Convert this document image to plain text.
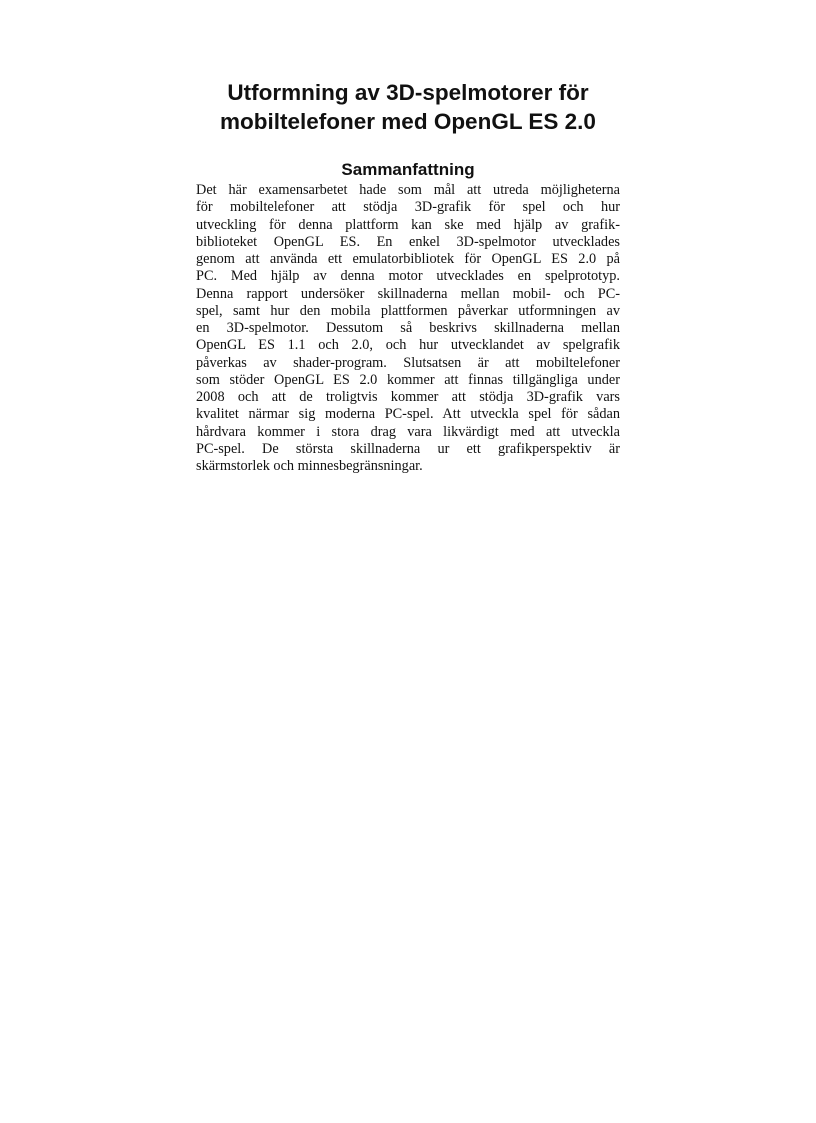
Utformning av 3D-spelmotorer för
mobiltelefoner med OpenGL ES 2.0
Sammanfattning
Det här examensarbetet hade som mål att utreda möjligheterna
för mobiltelefoner att stödja 3D-grafik för spel och hur
utveckling för denna plattform kan ske med hjälp av grafik-
biblioteket OpenGL ES. En enkel 3D-spelmotor utvecklades
genom att använda ett emulatorbibliotek för OpenGL ES 2.0 på
PC. Med hjälp av denna motor utvecklades en spelprototyp.
Denna rapport undersöker skillnaderna mellan mobil- och PC-
spel, samt hur den mobila plattformen påverkar utformningen av
en 3D-spelmotor. Dessutom så beskrivs skillnaderna mellan
OpenGL ES 1.1 och 2.0, och hur utvecklandet av spelgrafik
påverkas av shader-program. Slutsatsen är att mobiltelefoner
som stöder OpenGL ES 2.0 kommer att finnas tillgängliga under
2008 och att de troligtvis kommer att stödja 3D-grafik vars
kvalitet närmar sig moderna PC-spel. Att utveckla spel för sådan
hårdvara kommer i stora drag vara likvärdigt med att utveckla
PC-spel. De största skillnaderna ur ett grafikperspektiv är
skärmstorlek och minnesbegränsningar.
